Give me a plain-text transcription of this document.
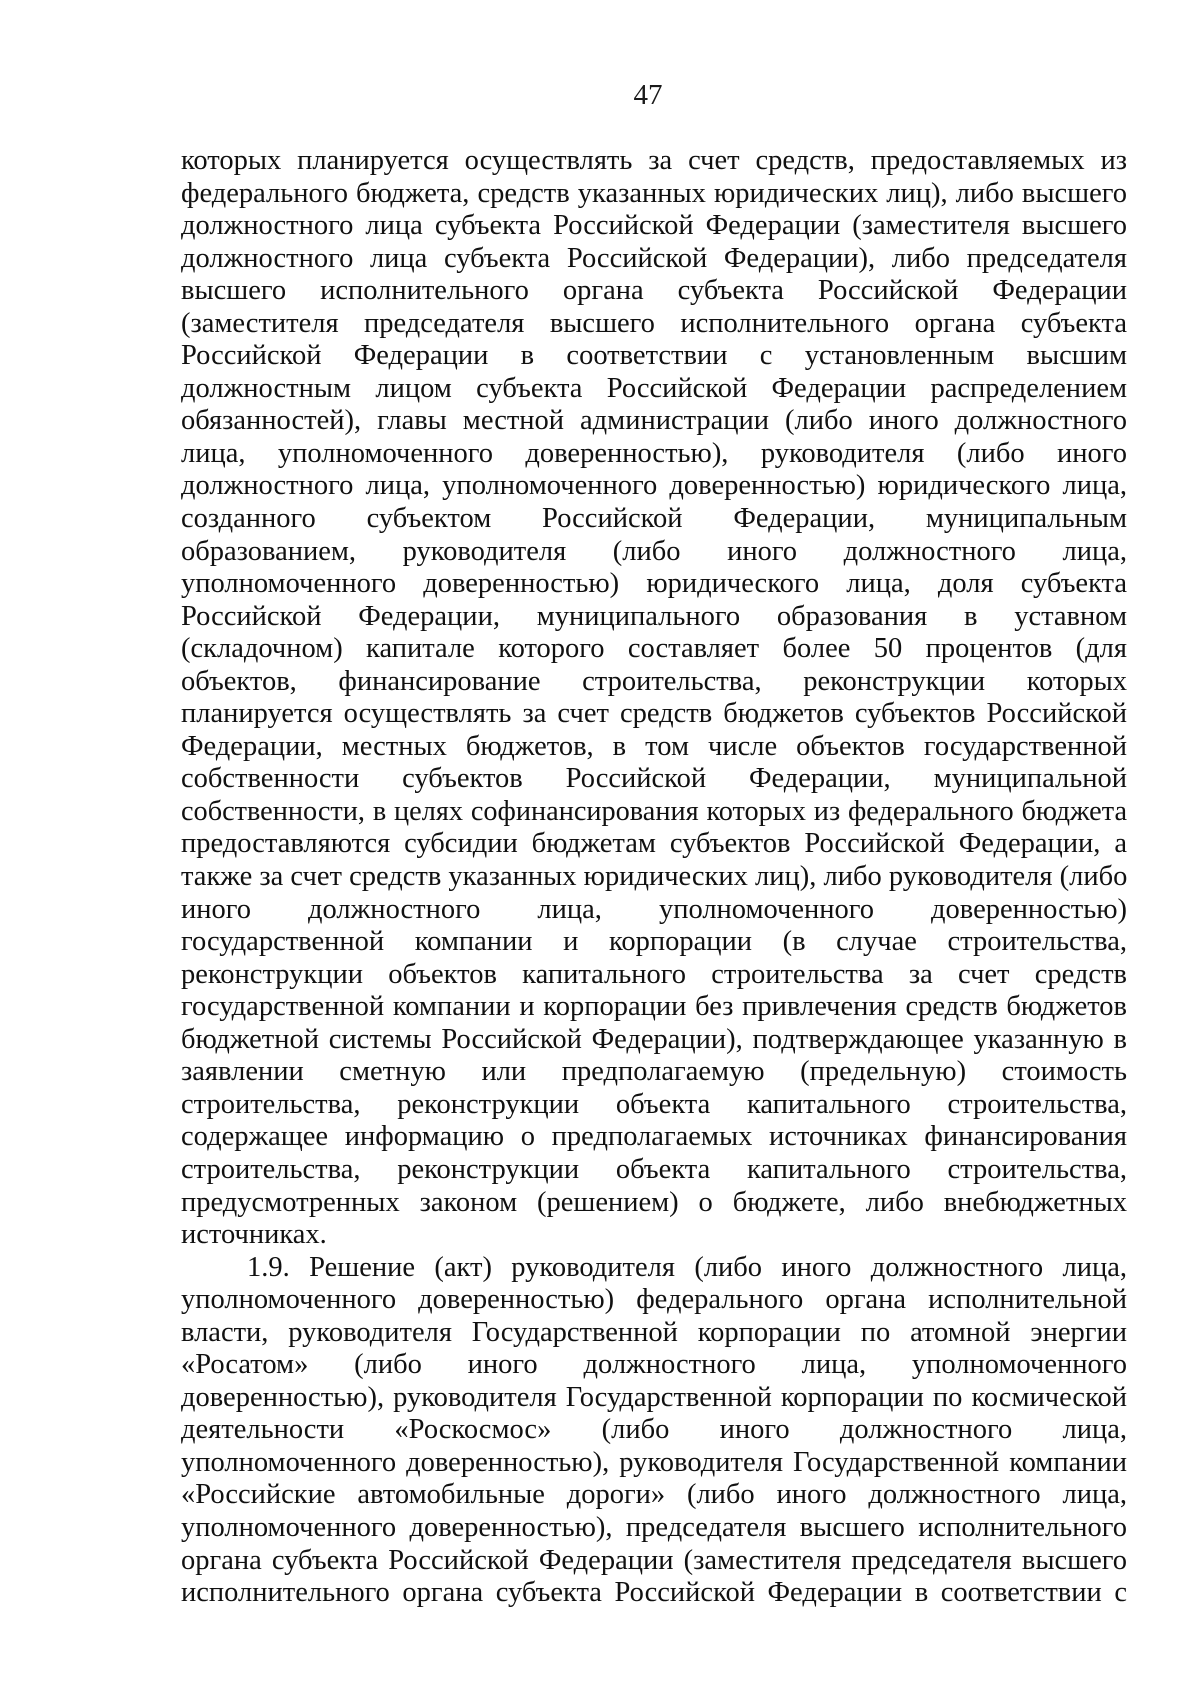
47
которых планируется осуществлять за счет средств, предоставляемых из
федерального бюджета, средств указанных юридических лиц), либо высшего
должностного лица субъекта Российской Федерации (заместителя высшего
должностного лица субъекта Российской Федерации), либо председателя
высшего исполнительного органа субъекта Российской Федерации
(заместителя председателя высшего исполнительного органа субъекта
Российской Федерации в соответствии с установленным высшим
должностным лицом субъекта Российской Федерации распределением
обязанностей), главы местной администрации (либо иного должностного
лица, уполномоченного доверенностью), руководителя (либо иного
должностного лица, уполномоченного доверенностью) юридического лица,
созданного субъектом Российской Федерации, муниципальным
образованием, руководителя (либо иного должностного лица,
уполномоченного доверенностью) юридического лица, доля субъекта
Российской Федерации, муниципального образования в уставном
(складочном) капитале которого составляет более 50 процентов (для
объектов, финансирование строительства, реконструкции которых
планируется осуществлять за счет средств бюджетов субъектов Российской
Федерации, местных бюджетов, в том числе объектов государственной
собственности субъектов Российской Федерации, муниципальной
собственности, в целях софинансирования которых из федерального бюджета
предоставляются субсидии бюджетам субъектов Российской Федерации, а
также за счет средств указанных юридических лиц), либо руководителя (либо
иного должностного лица, уполномоченного доверенностью)
государственной компании и корпорации (в случае строительства,
реконструкции объектов капитального строительства за счет средств
государственной компании и корпорации без привлечения средств бюджетов
бюджетной системы Российской Федерации), подтверждающее указанную в
заявлении сметную или предполагаемую (предельную) стоимость
строительства, реконструкции объекта капитального строительства,
содержащее информацию о предполагаемых источниках финансирования
строительства, реконструкции объекта капитального строительства,
предусмотренных законом (решением) о бюджете, либо внебюджетных
источниках.
1.9. Решение (акт) руководителя (либо иного должностного лица,
уполномоченного доверенностью) федерального органа исполнительной
власти, руководителя Государственной корпорации по атомной энергии
«Росатом» (либо иного должностного лица, уполномоченного
доверенностью), руководителя Государственной корпорации по космической
деятельности «Роскосмос» (либо иного должностного лица,
уполномоченного доверенностью), руководителя Государственной компании
«Российские автомобильные дороги» (либо иного должностного лица,
уполномоченного доверенностью), председателя высшего исполнительного
органа субъекта Российской Федерации (заместителя председателя высшего
исполнительного органа субъекта Российской Федерации в соответствии с
